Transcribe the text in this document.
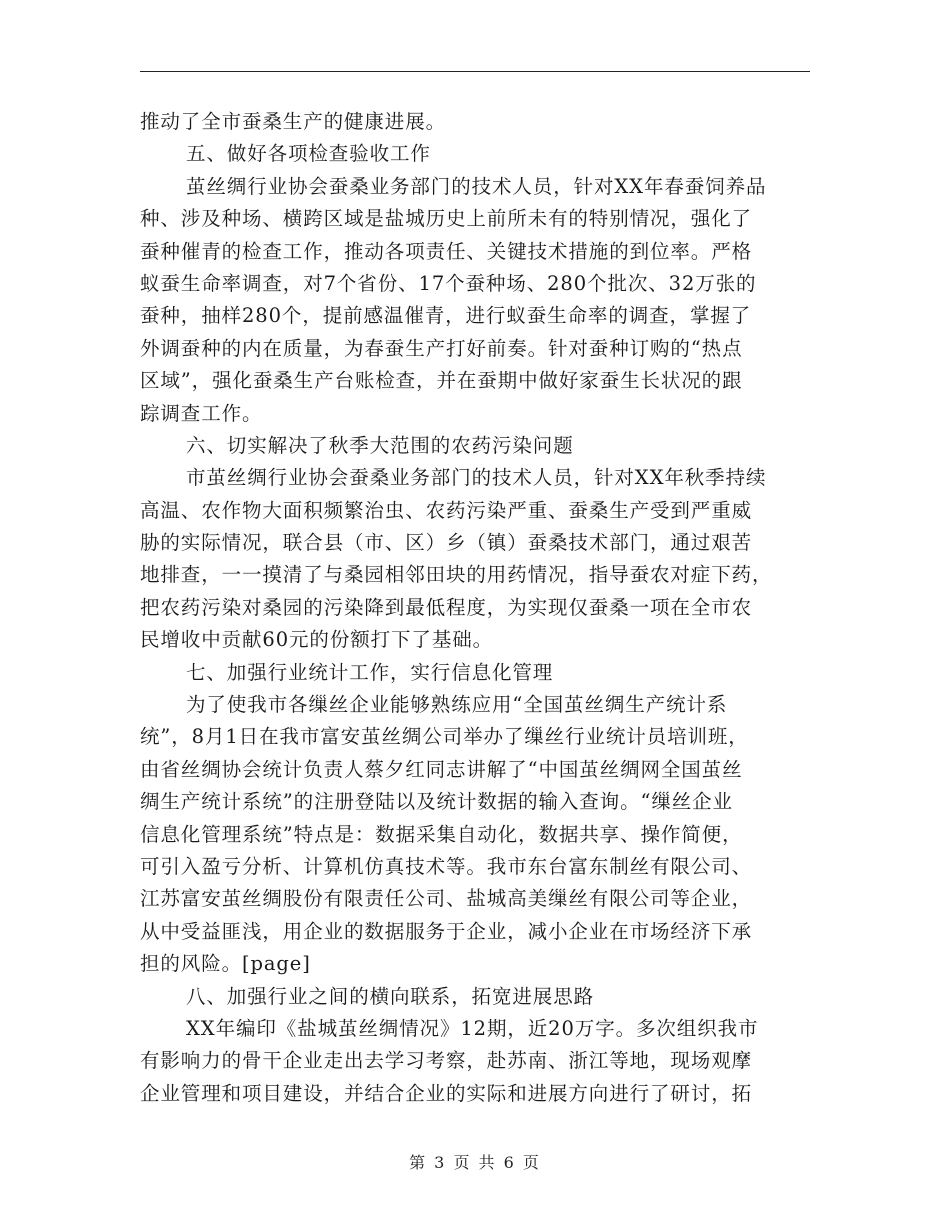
推动了全市蚕桑生产的健康进展。
五、做好各项检查验收工作
茧丝绸行业协会蚕桑业务部门的技术人员，针对XX年春蚕饲养品
种、涉及种场、横跨区域是盐城历史上前所未有的特别情况，强化了
蚕种催青的检查工作，推动各项责任、关键技术措施的到位率。严格
蚁蚕生命率调查，对7个省份、17个蚕种场、280个批次、32万张的
蚕种，抽样280个，提前感温催青，进行蚁蚕生命率的调查，掌握了
外调蚕种的内在质量，为春蚕生产打好前奏。针对蚕种订购的“热点
区域”，强化蚕桑生产台账检查，并在蚕期中做好家蚕生长状况的跟
踪调查工作。
六、切实解决了秋季大范围的农药污染问题
市茧丝绸行业协会蚕桑业务部门的技术人员，针对XX年秋季持续
高温、农作物大面积频繁治虫、农药污染严重、蚕桑生产受到严重威
胁的实际情况，联合县（市、区）乡（镇）蚕桑技术部门，通过艰苦
地排查，一一摸清了与桑园相邻田块的用药情况，指导蚕农对症下药，
把农药污染对桑园的污染降到最低程度，为实现仅蚕桑一项在全市农
民增收中贡献60元的份额打下了基础。
七、加强行业统计工作，实行信息化管理
为了使我市各缫丝企业能够熟练应用“全国茧丝绸生产统计系
统”，8月1日在我市富安茧丝绸公司举办了缫丝行业统计员培训班，
由省丝绸协会统计负责人蔡夕红同志讲解了“中国茧丝绸网全国茧丝
绸生产统计系统”的注册登陆以及统计数据的输入查询。“缫丝企业
信息化管理系统”特点是：数据采集自动化，数据共享、操作简便，
可引入盈亏分析、计算机仿真技术等。我市东台富东制丝有限公司、
江苏富安茧丝绸股份有限责任公司、盐城高美缫丝有限公司等企业，
从中受益匪浅，用企业的数据服务于企业，减小企业在市场经济下承
担的风险。[page]
八、加强行业之间的横向联系，拓宽进展思路
XX年编印《盐城茧丝绸情况》12期，近20万字。多次组织我市
有影响力的骨干企业走出去学习考察，赴苏南、浙江等地，现场观摩
企业管理和项目建设，并结合企业的实际和进展方向进行了研讨，拓
第 3 页 共 6 页
